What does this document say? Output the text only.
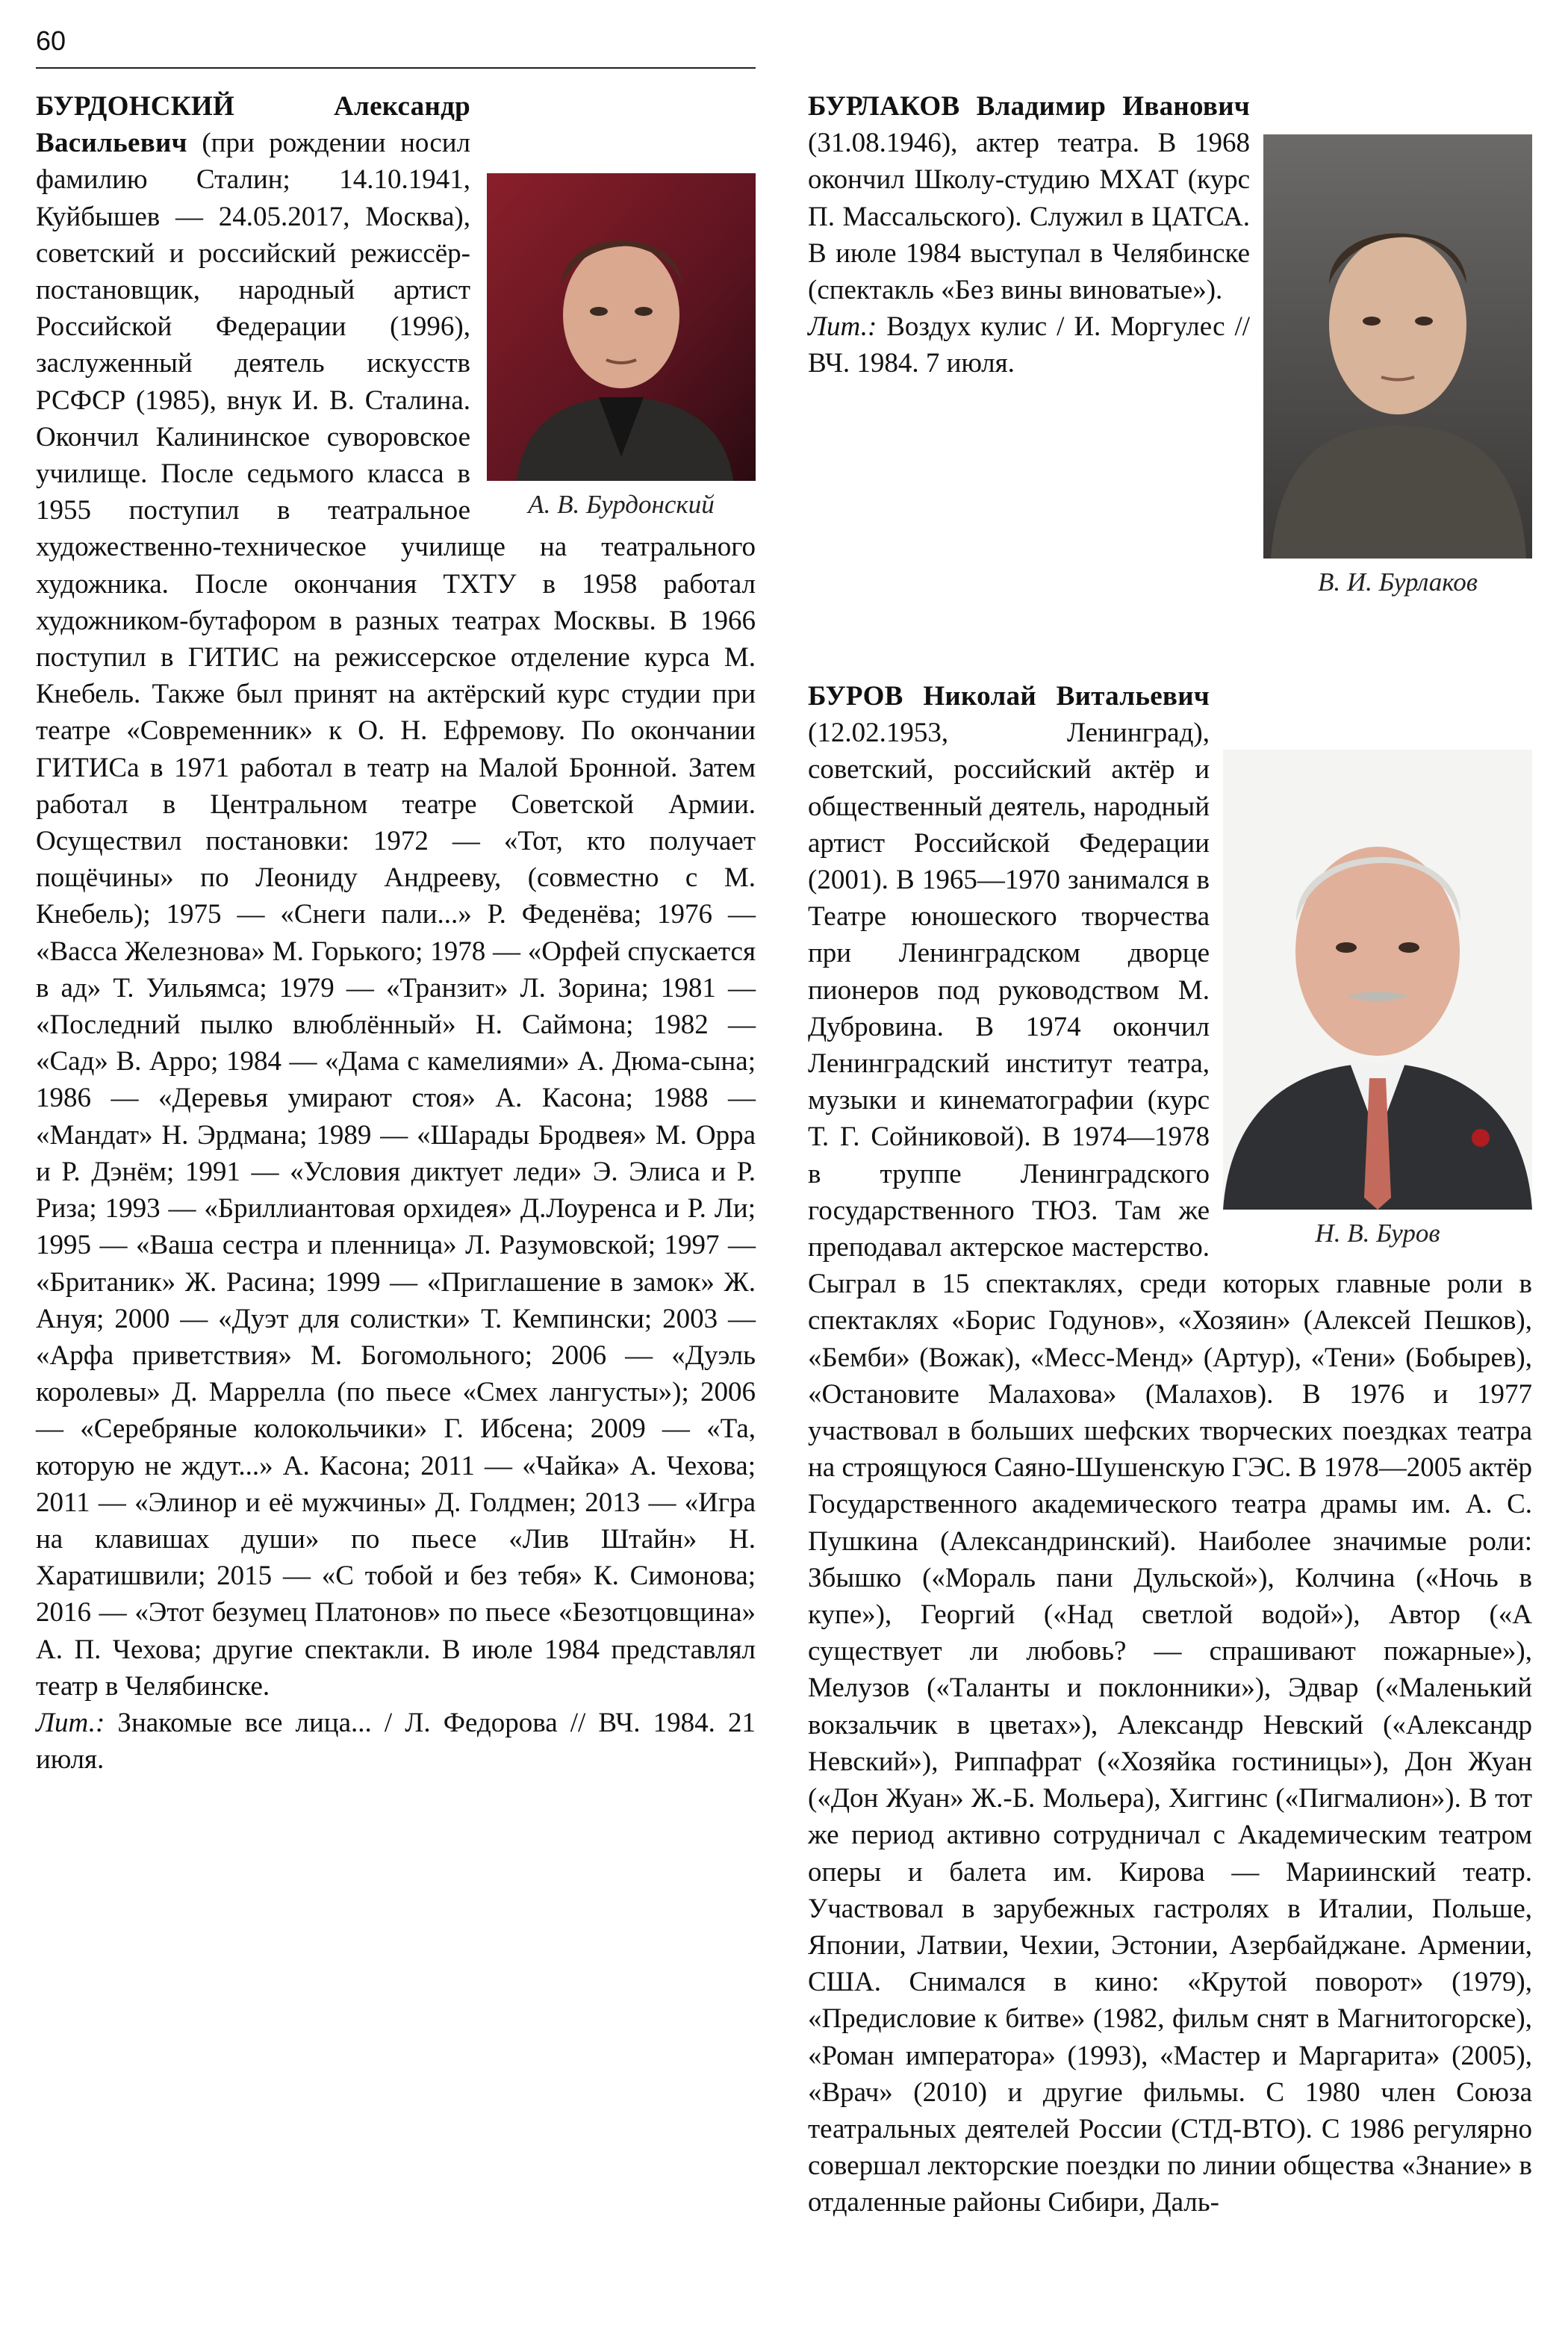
60
А. В. Бурдонский

БУРДОНСКИЙ Александр Васильевич (при рождении носил фамилию Сталин; 14.10.1941, Куйбышев — 24.05.2017, Москва), советский и российский режиссёр-постановщик, народный артист Российской Федерации (1996), заслуженный деятель искусств РСФСР (1985), внук И. В. Сталина. Окончил Калининское суворовское училище. После седьмого класса в 1955 поступил в театральное художественно-техническое училище на театрального художника. После окончания ТХТУ в 1958 работал художником-бутафором в разных театрах Москвы. В 1966 поступил в ГИТИС на режиссерское отделение курса М. Кнебель. Также был принят на актёрский курс студии при театре «Современник» к О. Н. Ефремову. По окончании ГИТИСа в 1971 работал в театр на Малой Бронной. Затем работал в Центральном театре Советской Армии. Осуществил постановки: 1972 — «Тот, кто получает пощёчины» по Леониду Андрееву, (совместно с М. Кнебель); 1975 — «Снеги пали...» Р. Феденёва; 1976 — «Васса Железнова» М. Горького; 1978 — «Орфей спускается в ад» Т. Уильямса; 1979 — «Транзит» Л. Зорина; 1981 — «Последний пылко влюблённый» Н. Саймона; 1982 — «Сад» В. Арро; 1984 — «Дама с камелиями» А. Дюма-сына; 1986 — «Деревья умирают стоя» А. Касона; 1988 — «Мандат» Н. Эрдмана; 1989 — «Шарады Бродвея» М. Орра и Р. Дэнём; 1991 — «Условия диктует леди» Э. Элиса и Р. Риза; 1993 — «Бриллиантовая орхидея» Д.Лоуренса и Р. Ли; 1995 — «Ваша сестра и пленница» Л. Разумовской; 1997 — «Британик» Ж. Расина; 1999 — «Приглашение в замок» Ж. Ануя; 2000 — «Дуэт для солистки» Т. Кемпински; 2003 — «Арфа приветствия» М. Богомольного; 2006 — «Дуэль королевы» Д. Маррелла (по пьесе «Смех лангусты»); 2006 — «Серебряные колокольчики» Г. Ибсена; 2009 — «Та, которую не ждут...» А. Касона; 2011 — «Чайка» А. Чехова; 2011 — «Элинор и её мужчины» Д. Голдмен; 2013 — «Игра на клавишах души» по пьесе «Лив Штайн» Н. Харатишвили; 2015 — «С тобой и без тебя» К. Симонова; 2016 — «Этот безумец Платонов» по пьесе «Безотцовщина» А. П. Чехова; другие спектакли. В июле 1984 представлял театр в Челябинске.

Лит.: Знакомые все лица... / Л. Федорова // ВЧ. 1984. 21 июля.

В. И. Бурлаков

БУРЛАКОВ Владимир Иванович (31.08.1946), актер театра. В 1968 окончил Школу-студию МХАТ (курс П. Массальского). Служил в ЦАТСА. В июле 1984 выступал в Челябинске (спектакль «Без вины виноватые»).

Лит.: Воздух кулис / И. Моргулес // ВЧ. 1984. 7 июля.

Н. В. Буров

БУРОВ Николай Витальевич (12.02.1953, Ленинград), советский, российский актёр и общественный деятель, народный артист Российской Федерации (2001). В 1965—1970 занимался в Театре юношеского творчества при Ленинградском дворце пионеров под руководством М. Дубровина. В 1974 окончил Ленинградский институт театра, музыки и кинематографии (курс Т. Г. Сойниковой). В 1974—1978 в труппе Ленинградского государственного ТЮЗ. Там же преподавал актерское мастерство. Сыграл в 15 спектаклях, среди которых главные роли в спектаклях «Борис Годунов», «Хозяин» (Алексей Пешков), «Бемби» (Вожак), «Месс-Менд» (Артур), «Тени» (Бобырев), «Остановите Малахова» (Малахов). В 1976 и 1977 участвовал в больших шефских творческих поездках театра на строящуюся Саяно-Шушенскую ГЭС. В 1978—2005 актёр Государственного академического театра драмы им. А. С. Пушкина (Александринский). Наиболее значимые роли: Збышко («Мораль пани Дульской»), Колчина («Ночь в купе»), Георгий («Над светлой водой»), Автор («А существует ли любовь? — спрашивают пожарные»), Мелузов («Таланты и поклонники»), Эдвар («Маленький вокзальчик в цветах»), Александр Невский («Александр Невский»), Риппафрат («Хозяйка гостиницы»), Дон Жуан («Дон Жуан» Ж.-Б. Мольера), Хиггинс («Пигмалион»). В тот же период активно сотрудничал с Академическим театром оперы и балета им. Кирова — Мариинский театр. Участвовал в зарубежных гастролях в Италии, Польше, Японии, Латвии, Чехии, Эстонии, Азербайджане. Армении, США. Снимался в кино: «Крутой поворот» (1979), «Предисловие к битве» (1982, фильм снят в Магнитогорске), «Роман императора» (1993), «Мастер и Маргарита» (2005), «Врач» (2010) и другие фильмы. С 1980 член Союза театральных деятелей России (СТД-ВТО). С 1986 регулярно совершал лекторские поездки по линии общества «Знание» в отдаленные районы Сибири, Даль-
